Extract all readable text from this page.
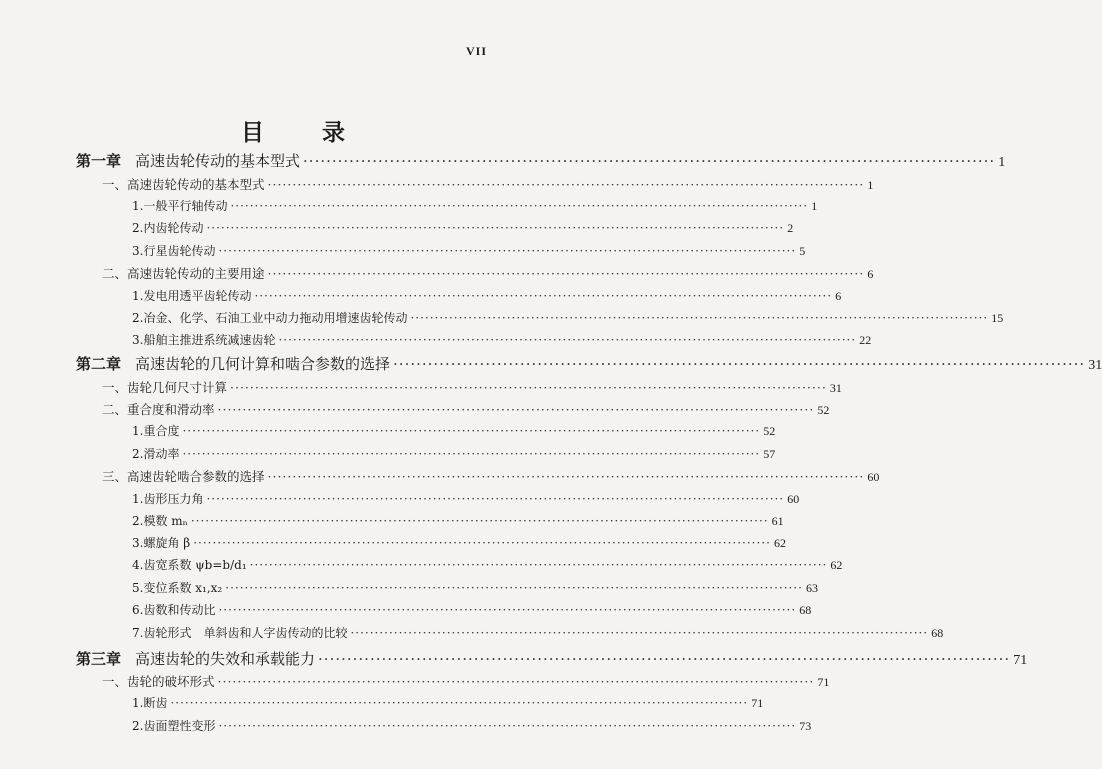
VII
目	录
第一章 高速齿轮传动的基本型式 ························································································································ 1
一、高速齿轮传动的基本型式 ························································································································ 1
1.一般平行轴传动 ························································································································ 1
2.内齿轮传动 ························································································································ 2
3.行星齿轮传动 ························································································································ 5
二、高速齿轮传动的主要用途 ························································································································ 6
1.发电用透平齿轮传动 ························································································································ 6
2.冶金、化学、石油工业中动力拖动用增速齿轮传动 ························································································································ 15
3.船舶主推进系统减速齿轮 ························································································································ 22
第二章 高速齿轮的几何计算和啮合参数的选择 ························································································································ 31
一、齿轮几何尺寸计算 ························································································································ 31
二、重合度和滑动率 ························································································································ 52
1.重合度 ························································································································ 52
2.滑动率 ························································································································ 57
三、高速齿轮啮合参数的选择 ························································································································ 60
1.齿形压力角 ························································································································ 60
2.模数 mₙ ························································································································ 61
3.螺旋角 β ························································································································ 62
4.齿宽系数 ψb=b/d₁ ························································································································ 62
5.变位系数 x₁,x₂ ························································································································ 63
6.齿数和传动比 ························································································································ 68
7.齿轮形式　单斜齿和人字齿传动的比较 ························································································································ 68
第三章 高速齿轮的失效和承载能力 ························································································································ 71
一、齿轮的破坏形式 ························································································································ 71
1.断齿 ························································································································ 71
2.齿面塑性变形 ························································································································ 73
